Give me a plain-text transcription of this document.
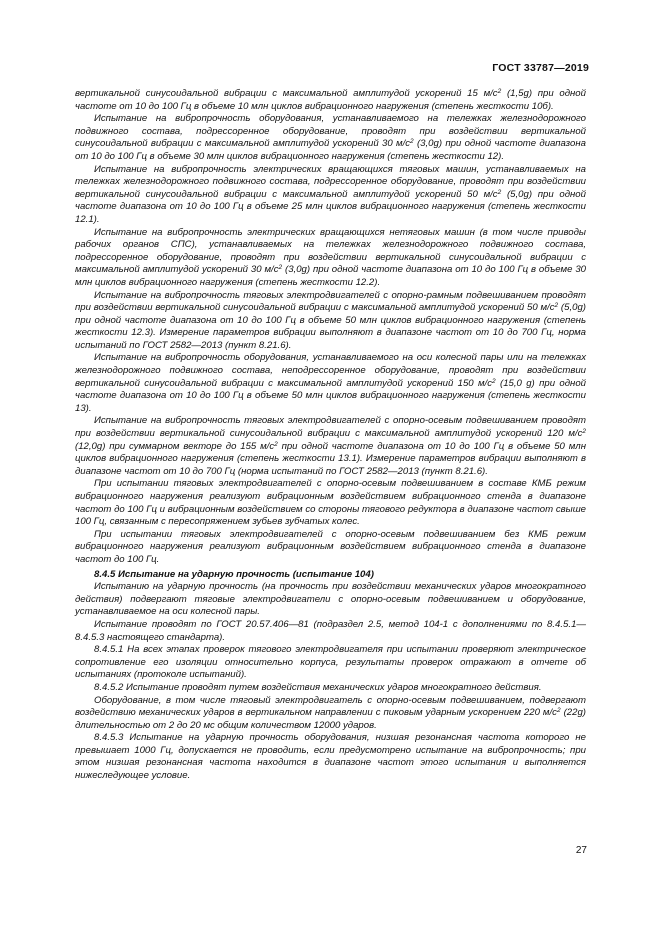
ГОСТ 33787—2019

вертикальной синусоидальной вибрации с максимальной амплитудой ускорений 15 $м/с^2$ (1,5g) при одной частоте от 10 до 100 Гц в объеме 10 млн циклов вибрационного нагружения (степень жесткости 10б).

Испытание на вибропрочность оборудования, устанавливаемого на тележках железнодорожного подвижного состава, подрессоренное оборудование, проводят при воздействии вертикальной синусоидальной вибрации с максимальной амплитудой ускорений 30 $м/с^2$ (3,0g) при одной частоте диапазона от 10 до 100 Гц в объеме 30 млн циклов вибрационного нагружения (степень жесткости 12).

Испытание на вибропрочность электрических вращающихся тяговых машин, устанавливаемых на тележках железнодорожного подвижного состава, подрессоренное оборудование, проводят при воздействии вертикальной синусоидальной вибрации с максимальной амплитудой ускорений 50 $м/с^2$ (5,0g) при одной частоте диапазона от 10 до 100 Гц в объеме 25 млн циклов вибрационного нагружения (степень жесткости 12.1).

Испытание на вибропрочность электрических вращающихся нетяговых машин (в том числе приводы рабочих органов СПС), устанавливаемых на тележках железнодорожного подвижного состава, подрессоренное оборудование, проводят при воздействии вертикальной синусоидальной вибрации с максимальной амплитудой ускорений 30 $м/с^2$ (3,0g) при одной частоте диапазона от 10 до 100 Гц в объеме 30 млн циклов вибрационного нагружения (степень жесткости 12.2).

Испытание на вибропрочность тяговых электродвигателей с опорно-рамным подвешиванием проводят при воздействии вертикальной синусоидальной вибрации с максимальной амплитудой ускорений 50 $м/с^2$ (5,0g) при одной частоте диапазона от 10 до 100 Гц в объеме 50 млн циклов вибрационного нагружения (степень жесткости 12.3). Измерение параметров вибрации выполняют в диапазоне частот от 10 до 700 Гц, норма испытаний по ГОСТ 2582—2013 (пункт 8.21.6).

Испытание на вибропрочность оборудования, устанавливаемого на оси колесной пары или на тележках железнодорожного подвижного состава, неподрессоренное оборудование, проводят при воздействии вертикальной синусоидальной вибрации с максимальной амплитудой ускорений 150 $м/с^2$ (15,0 g) при одной частоте диапазона от 10 до 100 Гц в объеме 50 млн циклов вибрационного нагружения (степень жесткости 13).

Испытание на вибропрочность тяговых электродвигателей с опорно-осевым подвешиванием проводят при воздействии вертикальной синусоидальной вибрации с максимальной амплитудой ускорений 120 $м/с^2$ (12,0g) при суммарном векторе до 155 $м/с^2$ при одной частоте диапазона от 10 до 100 Гц в объеме 50 млн циклов вибрационного нагружения (степень жесткости 13.1). Измерение параметров вибрации выполняют в диапазоне частот от 10 до 700 Гц (норма испытаний по ГОСТ 2582—2013 (пункт 8.21.6).

При испытании тяговых электродвигателей с опорно-осевым подвешиванием в составе КМБ режим вибрационного нагружения реализуют вибрационным воздействием вибрационного стенда в диапазоне частот до 100 Гц и вибрационным воздействием со стороны тягового редуктора в диапазоне частот свыше 100 Гц, связанным с пересопряжением зубьев зубчатых колес.

При испытании тяговых электродвигателей с опорно-осевым подвешиванием без КМБ режим вибрационного нагружения реализуют вибрационным воздействием вибрационного стенда в диапазоне частот до 100 Гц.

8.4.5 Испытание на ударную прочность (испытание 104)

Испытанию на ударную прочность (на прочность при воздействии механических ударов многократного действия) подвергают тяговые электродвигатели с опорно-осевым подвешиванием и оборудование, устанавливаемое на оси колесной пары.

Испытание проводят по ГОСТ 20.57.406—81 (подраздел 2.5, метод 104-1 с дополнениями по 8.4.5.1—8.4.5.3 настоящего стандарта).

8.4.5.1 На всех этапах проверок тягового электродвигателя при испытании проверяют электрическое сопротивление его изоляции относительно корпуса, результаты проверок отражают в отчете об испытаниях (протоколе испытаний).

8.4.5.2 Испытание проводят путем воздействия механических ударов многократного действия.

Оборудование, в том числе тяговый электродвигатель с опорно-осевым подвешиванием, подвергают воздействию механических ударов в вертикальном направлении с пиковым ударным ускорением 220 $м/с^2$ (22g) длительностью от 2 до 20 мс общим количеством 12000 ударов.

8.4.5.3 Испытание на ударную прочность оборудования, низшая резонансная частота которого не превышает 1000 Гц, допускается не проводить, если предусмотрено испытание на вибропрочность; при этом низшая резонансная частота находится в диапазоне частот этого испытания и выполняется нижеследующее условие.

27
